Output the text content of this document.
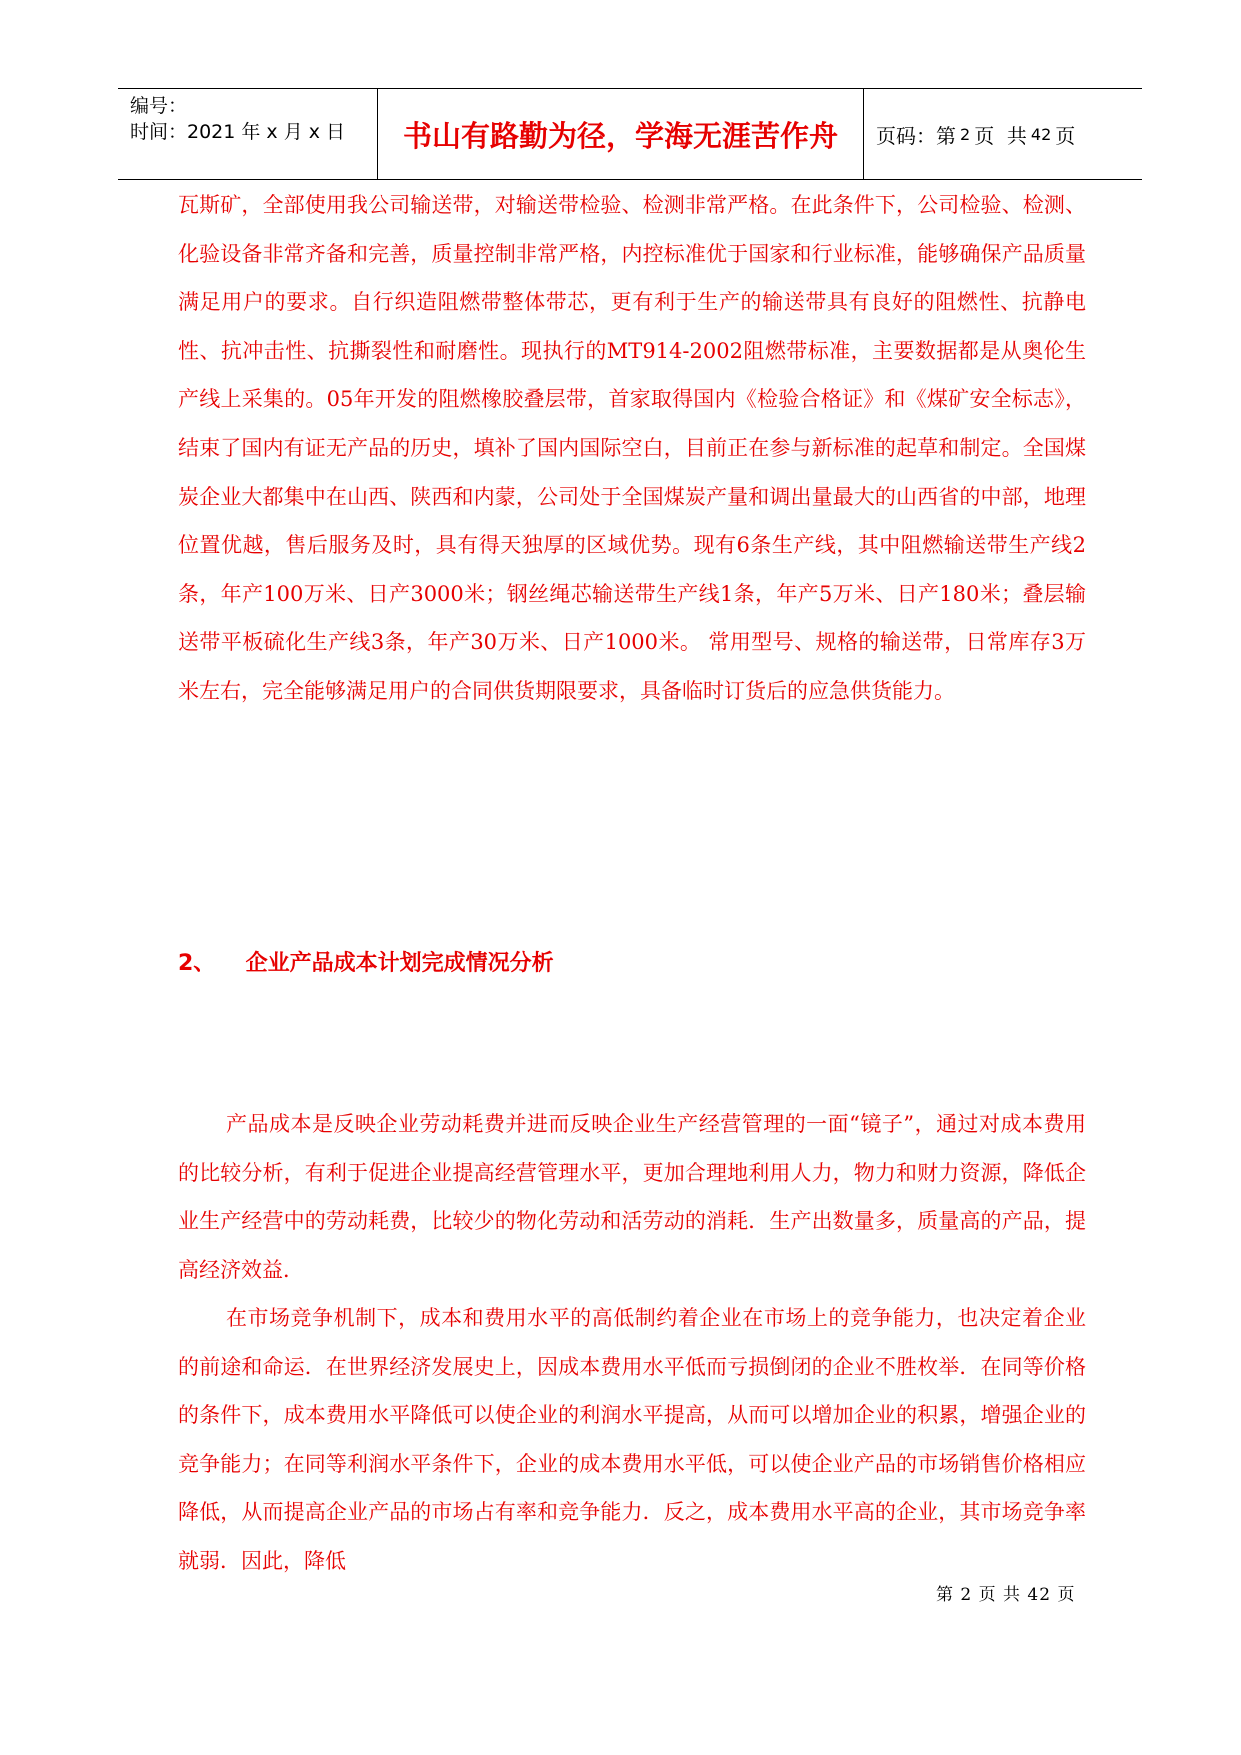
编号：
时间：2021 年 x 月 x 日	书山有路勤为径，学海无涯苦作舟 页码：第 2 页  共 42 页
瓦斯矿，全部使用我公司输送带，对输送带检验、检测非常严格。在此条件下，公司检验、检测、化验设备非常齐备和完善，质量控制非常严格，内控标准优于国家和行业标准，能够确保产品质量满足用户的要求。自行织造阻燃带整体带芯，更有利于生产的输送带具有良好的阻燃性、抗静电性、抗冲击性、抗撕裂性和耐磨性。现执行的MT914-2002阻燃带标准，主要数据都是从奥伦生产线上采集的。05年开发的阻燃橡胶叠层带，首家取得国内《检验合格证》和《煤矿安全标志》，结束了国内有证无产品的历史，填补了国内国际空白，目前正在参与新标准的起草和制定。全国煤炭企业大都集中在山西、陕西和内蒙，公司处于全国煤炭产量和调出量最大的山西省的中部，地理位置优越，售后服务及时，具有得天独厚的区域优势。现有6条生产线，其中阻燃输送带生产线2条，年产100万米、日产3000米；钢丝绳芯输送带生产线1条，年产5万米、日产180米；叠层输送带平板硫化生产线3条，年产30万米、日产1000米。 常用型号、规格的输送带，日常库存3万米左右，完全能够满足用户的合同供货期限要求，具备临时订货后的应急供货能力。
2、 企业产品成本计划完成情况分析
产品成本是反映企业劳动耗费并进而反映企业生产经营管理的一面“镜子”，通过对成本费用的比较分析，有利于促进企业提高经营管理水平，更加合理地利用人力，物力和财力资源，降低企业生产经营中的劳动耗费，比较少的物化劳动和活劳动的消耗．生产出数量多，质量高的产品，提高经济效益．
在市场竞争机制下，成本和费用水平的高低制约着企业在市场上的竞争能力，也决定着企业的前途和命运．在世界经济发展史上，因成本费用水平低而亏损倒闭的企业不胜枚举．在同等价格的条件下，成本费用水平降低可以使企业的利润水平提高，从而可以增加企业的积累，增强企业的竞争能力；在同等利润水平条件下，企业的成本费用水平低，可以使企业产品的市场销售价格相应降低，从而提高企业产品的市场占有率和竞争能力．反之，成本费用水平高的企业，其市场竞争率就弱．因此，降低
第 2 页 共 42 页
